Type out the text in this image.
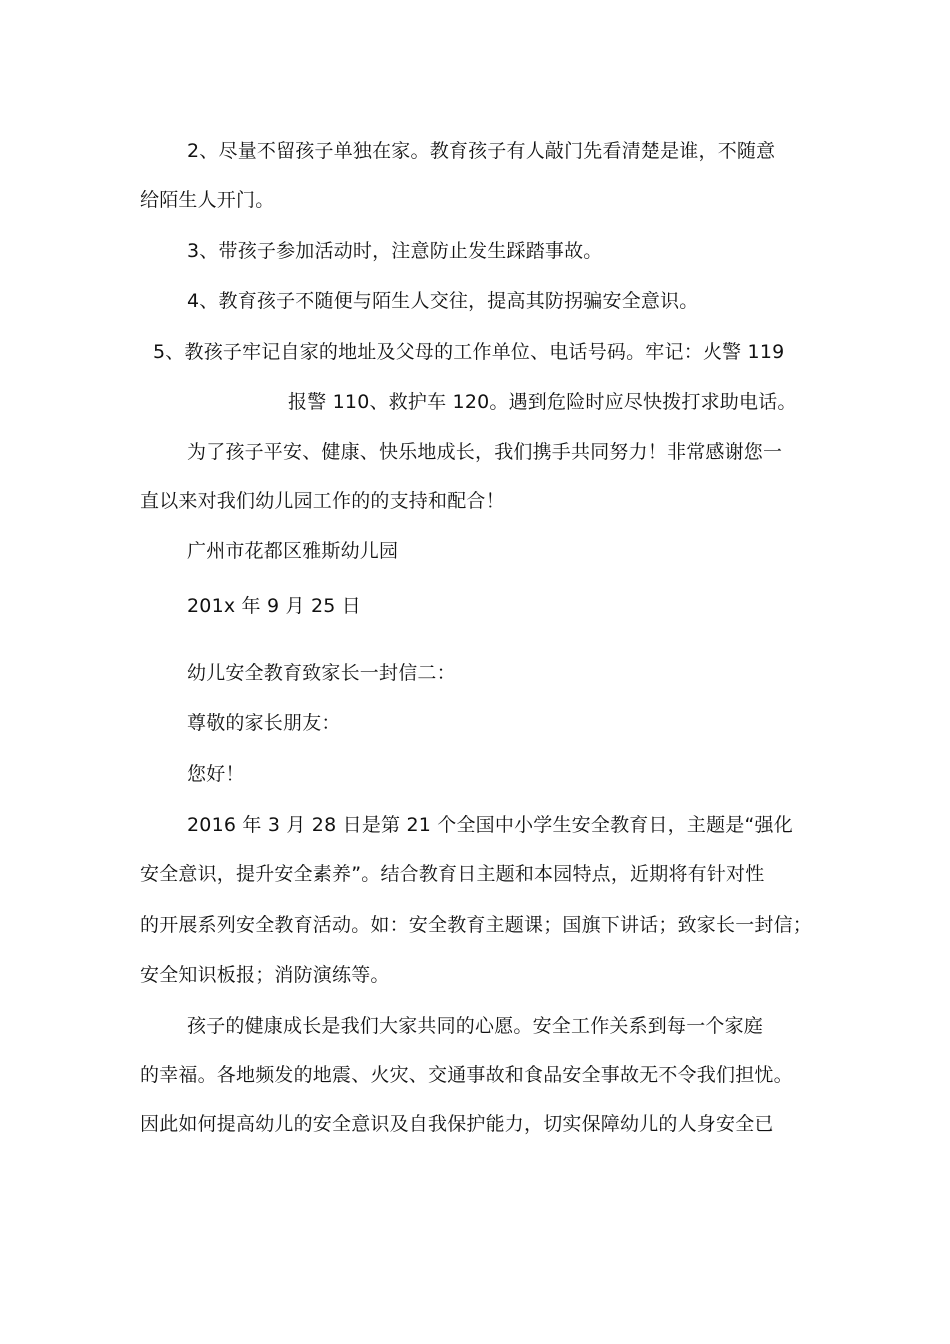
2、尽量不留孩子单独在家。教育孩子有人敲门先看清楚是谁，不随意
给陌生人开门。
3、带孩子参加活动时，注意防止发生踩踏事故。
4、教育孩子不随便与陌生人交往，提高其防拐骗安全意识。
5、教孩子牢记自家的地址及父母的工作单位、电话号码。牢记：火警 119
报警 110、救护车 120。遇到危险时应尽快拨打求助电话。
为了孩子平安、健康、快乐地成长，我们携手共同努力！非常感谢您一
直以来对我们幼儿园工作的的支持和配合！
广州市花都区雅斯幼儿园
201x 年 9 月 25 日
幼儿安全教育致家长一封信二：
尊敬的家长朋友：
您好！
2016 年 3 月 28 日是第 21 个全国中小学生安全教育日，主题是“强化
安全意识，提升安全素养”。结合教育日主题和本园特点，近期将有针对性
的开展系列安全教育活动。如：安全教育主题课；国旗下讲话；致家长一封信；
安全知识板报；消防演练等。
孩子的健康成长是我们大家共同的心愿。安全工作关系到每一个家庭
的幸福。各地频发的地震、火灾、交通事故和食品安全事故无不令我们担忧。
因此如何提高幼儿的安全意识及自我保护能力，切实保障幼儿的人身安全已
